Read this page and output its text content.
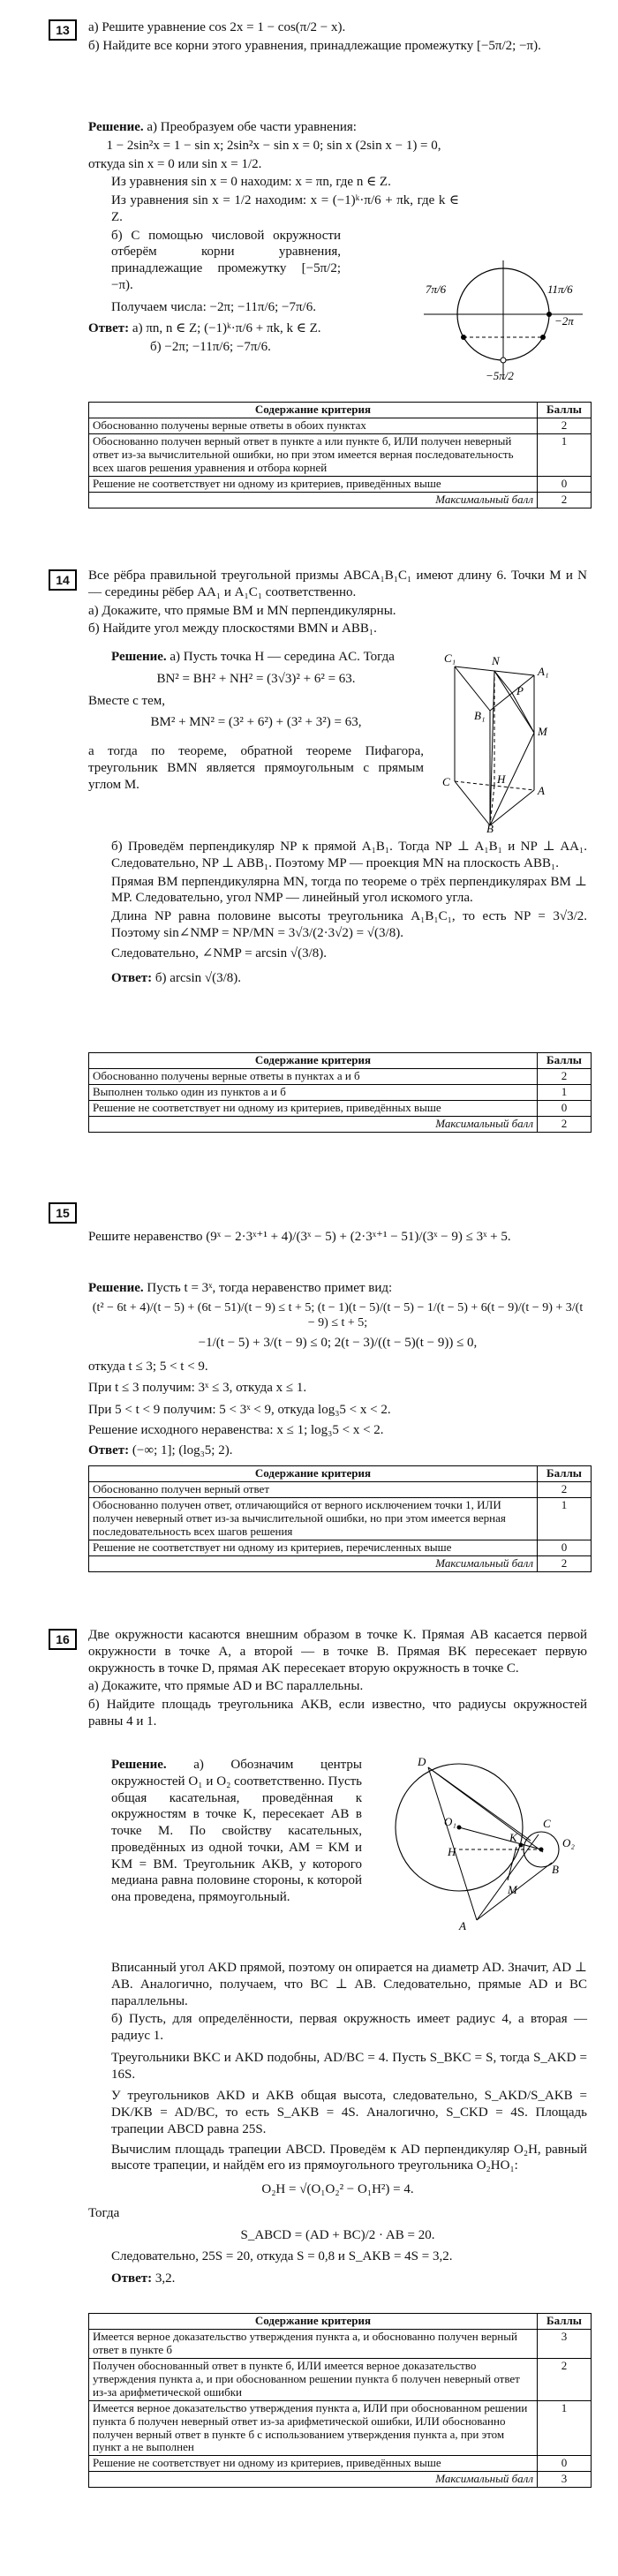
13	а) Решите уравнение cos 2x = 1 − cos(π/2 − x).
б) Найдите все корни этого уравнения, принадлежащие промежутку [−5π/2; −π).
Решение. а) Преобразуем обе части уравнения:
1 − 2sin²x = 1 − sin x; 2sin²x − sin x = 0; sin x (2sin x − 1) = 0,
откуда sin x = 0 или sin x = 1/2.
Из уравнения sin x = 0 находим: x = πn, где n ∈ Z.
Из уравнения sin x = 1/2 находим: x = (−1)ᵏ·π/6 + πk, где k ∈ Z.
б) С помощью числовой окружности отберём корни уравнения, принадлежащие промежутку [−5π/2; −π).
Получаем числа: −2π; −11π/6; −7π/6.
Ответ: а) πn, n ∈ Z; (−1)ᵏ·π/6 + πk, k ∈ Z.
б) −2π; −11π/6; −7π/6.
7π/6	11π/6
−2π
−5π/2
Содержание критерия	Баллы
Обоснованно получены верные ответы в обоих пунктах	2
Обоснованно получен верный ответ в пункте а или пункте б, ИЛИ получен неверный ответ из-за вычислительной ошибки, но при этом имеется верная последовательность всех шагов решения уравнения и отбора корней	1
Решение не соответствует ни одному из критериев, приведённых выше	0
Максимальный балл	2
14	Все рёбра правильной треугольной призмы ABCA₁B₁C₁ имеют длину 6. Точки M и N — середины рёбер AA₁ и A₁C₁ соответственно.
а) Докажите, что прямые BM и MN перпендикулярны.
б) Найдите угол между плоскостями BMN и ABB₁.
Решение. а) Пусть точка H — середина AC. Тогда
BN² = BH² + NH² = (3√3)² + 6² = 63.
Вместе с тем,
BM² + MN² = (3² + 6²) + (3² + 3²) = 63,
а тогда по теореме, обратной теореме Пифагора, треугольник BMN является прямоугольным с прямым углом M.
C₁	N
A₁
B₁
P
M
H
C
A
B
б) Проведём перпендикуляр NP к прямой A₁B₁. Тогда NP ⊥ A₁B₁ и NP ⊥ AA₁. Следовательно, NP ⊥ ABB₁. Поэтому MP — проекция MN на плоскость ABB₁.
Прямая BM перпендикулярна MN, тогда по теореме о трёх перпендикулярах BM ⊥ MP. Следовательно, угол NMP — линейный угол искомого угла.
Длина NP равна половине высоты треугольника A₁B₁C₁, то есть NP = 3√3/2. Поэтому sin∠NMP = NP/MN = 3√3/(2·3√2) = √(3/8).
Следовательно, ∠NMP = arcsin √(3/8).
Ответ: б) arcsin √(3/8).
Содержание критерия	Баллы
Обоснованно получены верные ответы в пунктах а и б	2
Выполнен только один из пунктов а и б	1
Решение не соответствует ни одному из критериев, приведённых выше	0
Максимальный балл	2
15
Решите неравенство (9ˣ − 2·3ˣ⁺¹ + 4)/(3ˣ − 5) + (2·3ˣ⁺¹ − 51)/(3ˣ − 9) ≤ 3ˣ + 5.
Решение. Пусть t = 3ˣ, тогда неравенство примет вид:
(t² − 6t + 4)/(t − 5) + (6t − 51)/(t − 9) ≤ t + 5; (t − 1)(t − 5)/(t − 5) − 1/(t − 5) + 6(t − 9)/(t − 9) + 3/(t − 9) ≤ t + 5;
−1/(t − 5) + 3/(t − 9) ≤ 0; 2(t − 3)/((t − 5)(t − 9)) ≤ 0,
откуда t ≤ 3; 5 < t < 9.
При t ≤ 3 получим: 3ˣ ≤ 3, откуда x ≤ 1.
При 5 < t < 9 получим: 5 < 3ˣ < 9, откуда log₃5 < x < 2.
Решение исходного неравенства: x ≤ 1; log₃5 < x < 2.
Ответ: (−∞; 1]; (log₃5; 2).
Содержание критерия	Баллы
Обоснованно получен верный ответ	2
Обоснованно получен ответ, отличающийся от верного исключением точки 1, ИЛИ получен неверный ответ из-за вычислительной ошибки, но при этом имеется верная последовательность всех шагов решения	1
Решение не соответствует ни одному из критериев, перечисленных выше	0
Максимальный балл	2
16	Две окружности касаются внешним образом в точке K. Прямая AB касается первой окружности в точке A, а второй — в точке B. Прямая BK пересекает первую окружность в точке D, прямая AK пересекает вторую окружность в точке C.
а) Докажите, что прямые AD и BC параллельны.
б) Найдите площадь треугольника AKB, если известно, что радиусы окружностей равны 4 и 1.
Решение. а) Обозначим центры окружностей O₁ и O₂ соответственно. Пусть общая касательная, проведённая к окружностям в точке K, пересекает AB в точке M. По свойству касательных, проведённых из одной точки, AM = KM и KM = BM. Треугольник AKB, у которого медиана равна половине стороны, к которой она проведена, прямоугольный.
D
O₁
H
K	O₂
C
M
A
B
Вписанный угол AKD прямой, поэтому он опирается на диаметр AD. Значит, AD ⊥ AB. Аналогично, получаем, что BC ⊥ AB. Следовательно, прямые AD и BC параллельны.
б) Пусть, для определённости, первая окружность имеет радиус 4, а вторая — радиус 1.
Треугольники BKC и AKD подобны, AD/BC = 4. Пусть S_BKC = S, тогда S_AKD = 16S.
У треугольников AKD и AKB общая высота, следовательно, S_AKD/S_AKB = DK/KB = AD/BC, то есть S_AKB = 4S. Аналогично, S_CKD = 4S. Площадь трапеции ABCD равна 25S.
Вычислим площадь трапеции ABCD. Проведём к AD перпендикуляр O₂H, равный высоте трапеции, и найдём его из прямоугольного треугольника O₂HO₁:
O₂H = √(O₁O₂² − O₁H²) = 4.
Тогда
S_ABCD = (AD + BC)/2 · AB = 20.
Следовательно, 25S = 20, откуда S = 0,8 и S_AKB = 4S = 3,2.
Ответ: 3,2.
Содержание критерия	Баллы
Имеется верное доказательство утверждения пункта а, и обоснованно получен верный ответ в пункте б	3
Получен обоснованный ответ в пункте б, ИЛИ имеется верное доказательство утверждения пункта а, и при обоснованном решении пункта б получен неверный ответ из-за арифметической ошибки	2
Имеется верное доказательство утверждения пункта а, ИЛИ при обоснованном решении пункта б получен неверный ответ из-за арифметической ошибки, ИЛИ обоснованно получен верный ответ в пункте б с использованием утверждения пункта а, при этом пункт а не выполнен	1
Решение не соответствует ни одному из критериев, приведённых выше	0
Максимальный балл	3
